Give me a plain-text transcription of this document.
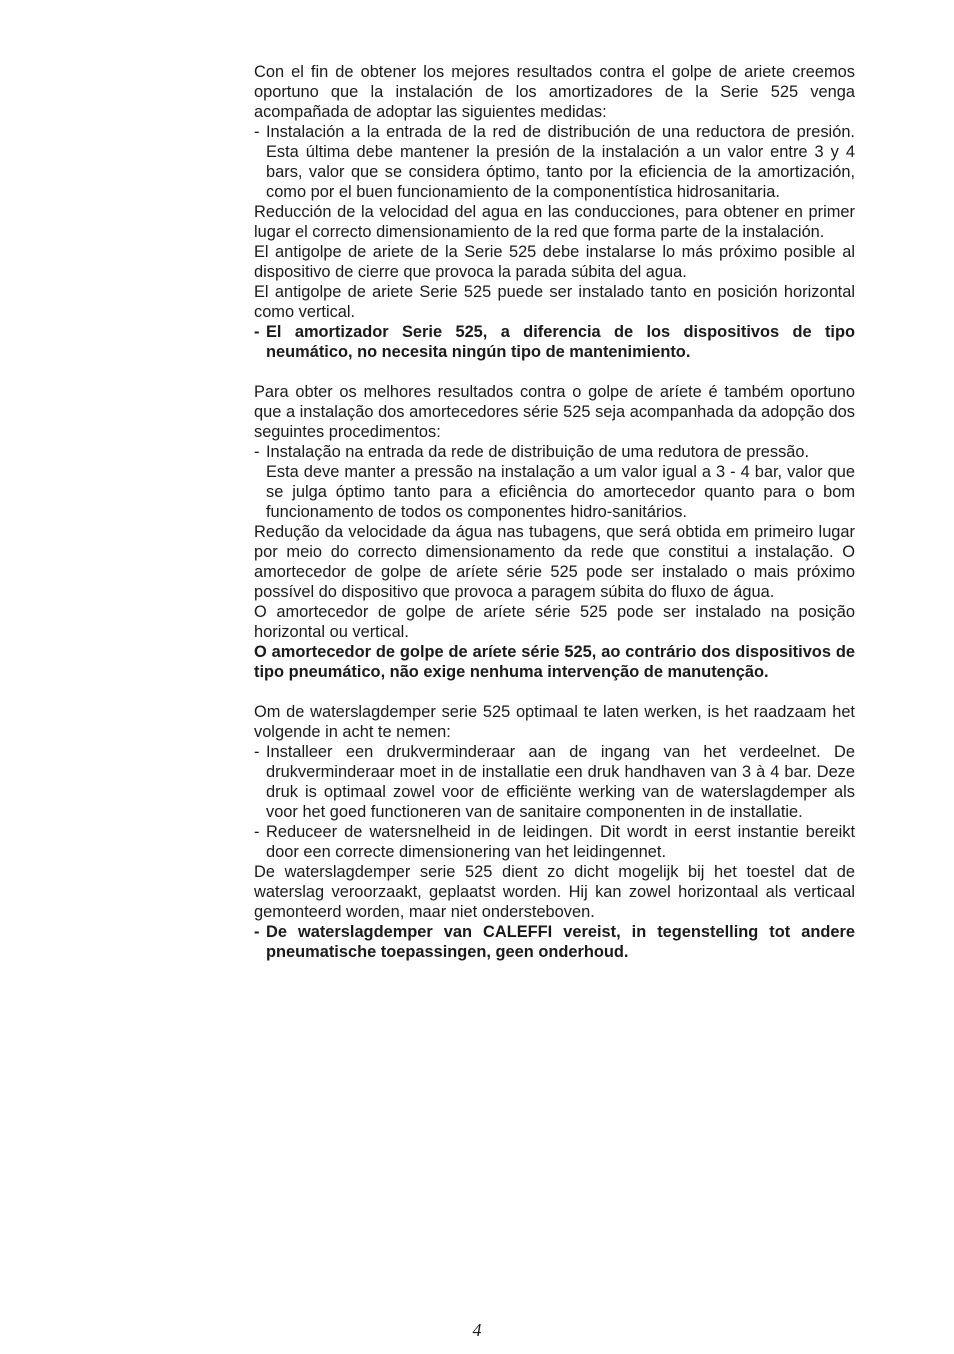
Con el fin de obtener los mejores resultados contra el golpe de ariete creemos oportuno que la instalación de los amortizadores de la Serie 525 venga acompañada de adoptar las siguientes medidas:

- Instalación a la entrada de la red de distribución de una reductora de presión. Esta última debe mantener la presión de la instalación a un valor entre 3 y 4 bars, valor que se considera óptimo, tanto por la eficiencia de la amortización, como por el buen funcionamiento de la componentística hidrosanitaria.

Reducción de la velocidad del agua en las conducciones, para obtener en primer lugar el correcto dimensionamiento de la red que forma parte de la instalación.

El antigolpe de ariete de la Serie 525 debe instalarse lo más próximo posible al dispositivo de cierre que provoca la parada súbita del agua.

El antigolpe de ariete Serie 525 puede ser instalado tanto en posición horizontal como vertical.

- El amortizador Serie 525, a diferencia de los dispositivos de tipo neumático, no necesita ningún tipo de mantenimiento.

Para obter os melhores resultados contra o golpe de aríete é também oportuno que a instalação dos amortecedores série 525 seja acompanhada da adopção dos seguintes procedimentos:

- Instalação na entrada da rede de distribuição de uma redutora de pressão.
Esta deve manter a pressão na instalação a um valor igual a 3 - 4 bar, valor que se julga óptimo tanto para a eficiência do amortecedor quanto para o bom funcionamento de todos os componentes hidro-sanitários.

Redução da velocidade da água nas tubagens, que será obtida em primeiro lugar por meio do correcto dimensionamento da rede que constitui a instalação. O amortecedor de golpe de aríete série 525 pode ser instalado o mais próximo possível do dispositivo que provoca a paragem súbita do fluxo de água.

O amortecedor de golpe de aríete série 525 pode ser instalado na posição horizontal ou vertical.

O amortecedor de golpe de aríete série 525, ao contrário dos dispositivos de tipo pneumático, não exige nenhuma intervenção de manutenção.

Om de waterslagdemper serie 525 optimaal te laten werken, is het raadzaam het volgende in acht te nemen:

- Installeer een drukverminderaar aan de ingang van het verdeelnet. De drukverminderaar moet in de installatie een druk handhaven van 3 à 4 bar. Deze druk is optimaal zowel voor de efficiënte werking van de waterslagdemper als voor het goed functioneren van de sanitaire componenten in de installatie.
- Reduceer de watersnelheid in de leidingen. Dit wordt in eerst instantie bereikt door een correcte dimensionering van het leidingennet.

De waterslagdemper serie 525 dient zo dicht mogelijk bij het toestel dat de waterslag veroorzaakt, geplaatst worden. Hij kan zowel horizontaal als verticaal gemonteerd worden, maar niet ondersteboven.

- De waterslagdemper van CALEFFI vereist, in tegenstelling tot andere pneumatische toepassingen, geen onderhoud.
4
